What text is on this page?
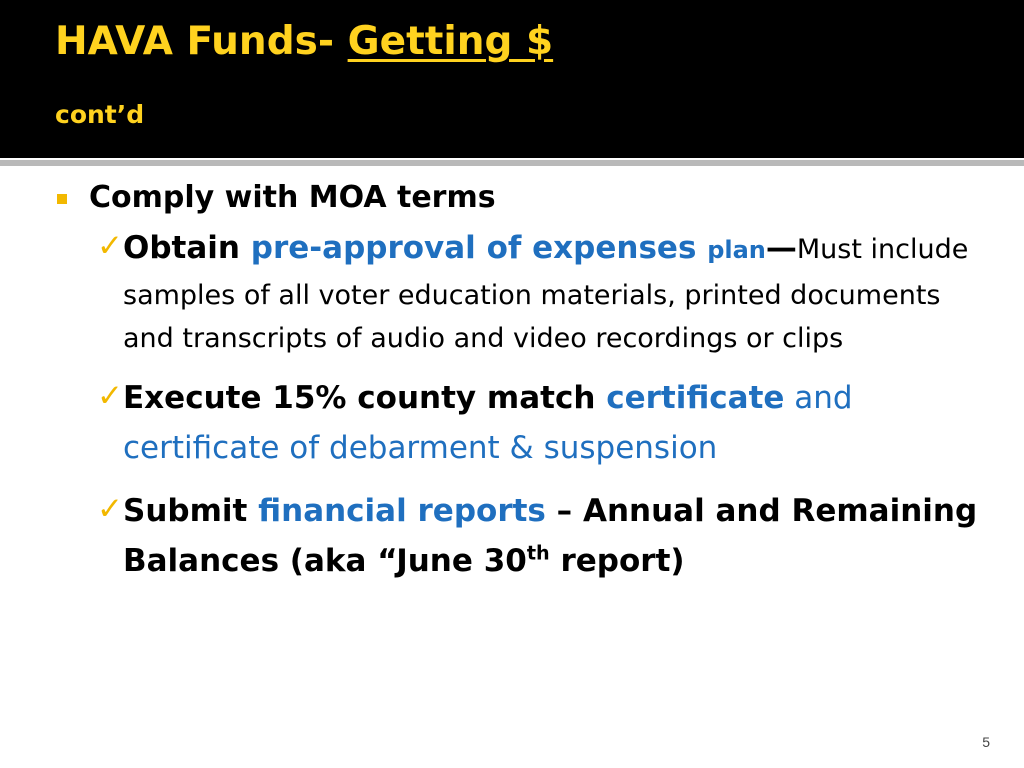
HAVA Funds- Getting $
cont’d
Comply with MOA terms
✓ Obtain pre-approval of expenses plan—Must include samples of all voter education materials, printed documents and transcripts of audio and video recordings or clips
✓ Execute 15% county match certificate and certificate of debarment & suspension
✓ Submit financial reports – Annual and Remaining Balances (aka “June 30th report)
5
